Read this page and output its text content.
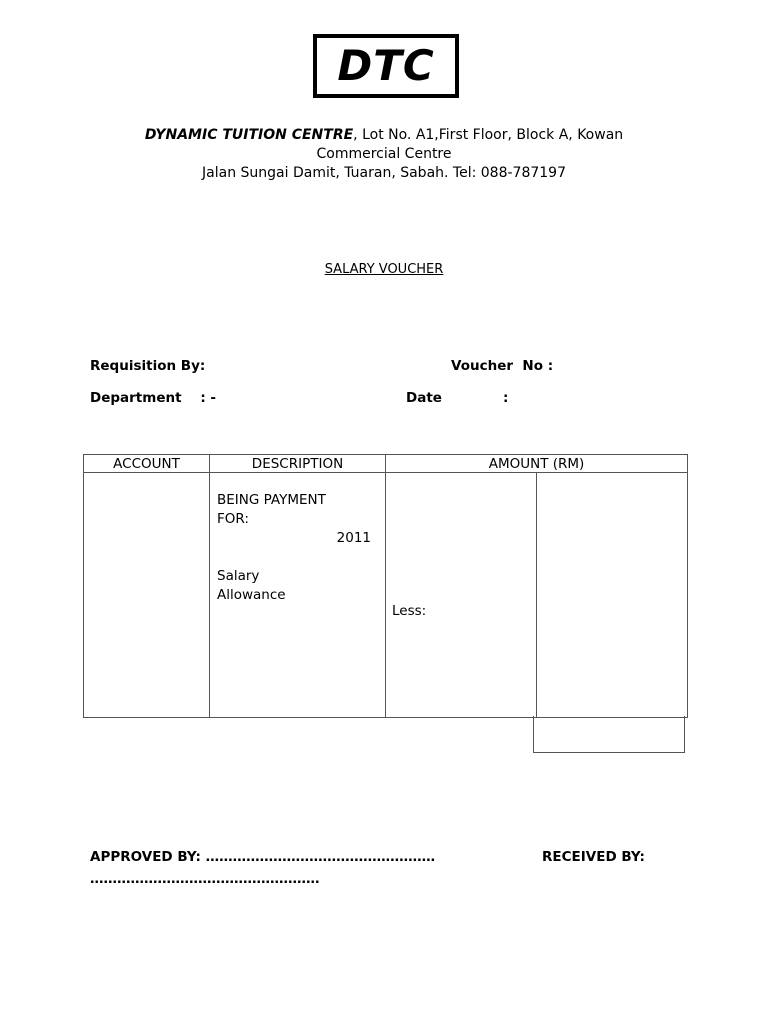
DTC
DYNAMIC TUITION CENTRE, Lot No. A1,First Floor, Block A, Kowan
Commercial Centre
Jalan Sungai Damit, Tuaran, Sabah. Tel: 088-787197
SALARY VOUCHER
Requisition By:	Voucher  No :
Department    : -	Date             :
ACCOUNT	DESCRIPTION	AMOUNT (RM)	

	BEING PAYMENT
FOR:
2011
Salary
Allowance	Less:	

APPROVED BY: ……………………………………………	RECEIVED BY:
……………………………………………
